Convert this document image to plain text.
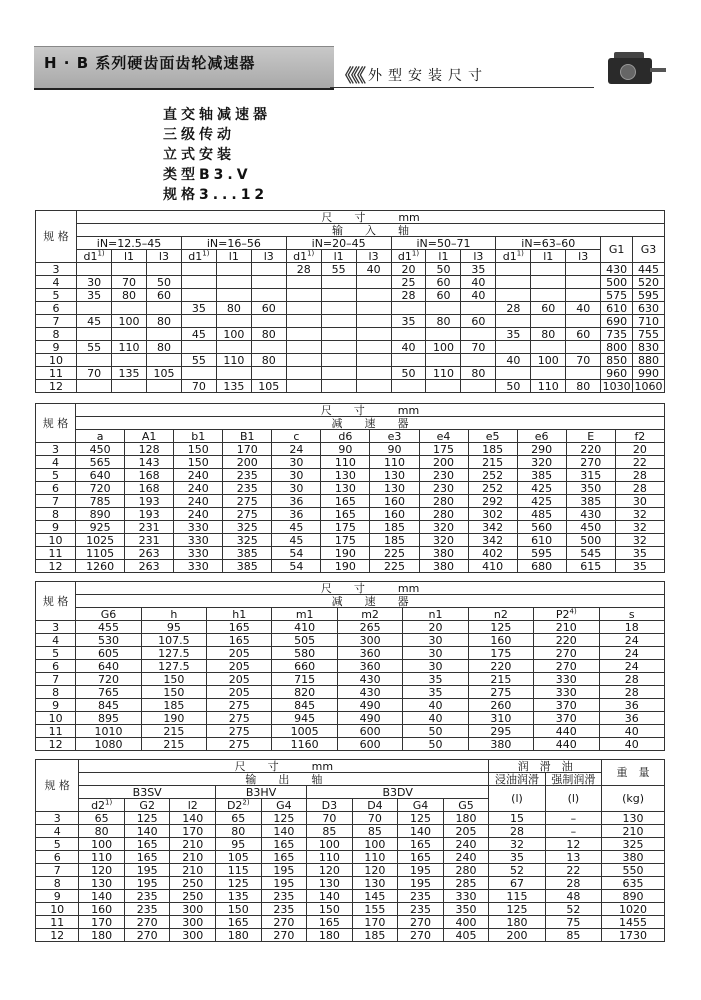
H · B 系列硬齿面齿轮减速器
《《《 外型安装尺寸
直交轴减速器
三级传动
立式安装
类型B3.V
规格3...12
规 格	尺　　寸　　　mm																
	输　　入　　轴																
	iN=12.5–45			iN=16–56			iN=20–45			iN=50–71			iN=63–60			G1	G3
	d1$^{1)}$	l1	l3	d1$^{1)}$	l1	l3	d1$^{1)}$	l1	l3	d1$^{1)}$	l1	l3	d1$^{1)}$	l1	l3		
3							28	55	40	20	50	35				430	445
4	30	70	50							25	60	40				500	520
5	35	80	60							28	60	40				575	595
6				35	80	60							28	60	40	610	630
7	45	100	80							35	80	60				690	710
8				45	100	80							35	80	60	735	755
9	55	110	80							40	100	70				800	830
10				55	110	80							40	100	70	850	880
11	70	135	105							50	110	80				960	990
12				70	135	105							50	110	80	1030	1060
规 格	尺　　寸　　　mm											
	减　　速　　器											
	a	A1	b1	B1	c	d6	e3	e4	e5	e6	E	f2
3	450	128	150	170	24	90	90	175	185	290	220	20
4	565	143	150	200	30	110	110	200	215	320	270	22
5	640	168	240	235	30	130	130	230	252	385	315	28
6	720	168	240	235	30	130	130	230	252	425	350	28
7	785	193	240	275	36	165	160	280	292	425	385	30
8	890	193	240	275	36	165	160	280	302	485	430	32
9	925	231	330	325	45	175	185	320	342	560	450	32
10	1025	231	330	325	45	175	185	320	342	610	500	32
11	1105	263	330	385	54	190	225	380	402	595	545	35
12	1260	263	330	385	54	190	225	380	410	680	615	35
规 格	尺　　寸　　　mm								
	减　　速　　器								
	G6	h	h1	m1	m2	n1	n2	P2$^{4)}$	s
3	455	95	165	410	265	20	125	210	18
4	530	107.5	165	505	300	30	160	220	24
5	605	127.5	205	580	360	30	175	270	24
6	640	127.5	205	660	360	30	220	270	24
7	720	150	205	715	430	35	215	330	28
8	765	150	205	820	430	35	275	330	28
9	845	185	275	845	490	40	260	370	36
10	895	190	275	945	490	40	310	370	36
11	1010	215	275	1005	600	50	295	440	40
12	1080	215	275	1160	600	50	380	440	40
规 格	尺　　寸　　　mm									润　滑　油		重　量
	输　　出　　轴									浸油润滑	强制润滑	
	B3SV			B3HV		B3DV				(l)	(l)	(kg)
	d2$^{1)}$	G2	l2	D2$^{2)}$	G4	D3	D4	G4	G5			
3	65	125	140	65	125	70	70	125	180	15	–	130
4	80	140	170	80	140	85	85	140	205	28	–	210
5	100	165	210	95	165	100	100	165	240	32	12	325
6	110	165	210	105	165	110	110	165	240	35	13	380
7	120	195	210	115	195	120	120	195	280	52	22	550
8	130	195	250	125	195	130	130	195	285	67	28	635
9	140	235	250	135	235	140	145	235	330	115	48	890
10	160	235	300	150	235	150	155	235	350	125	52	1020
11	170	270	300	165	270	165	170	270	400	180	75	1455
12	180	270	300	180	270	180	185	270	405	200	85	1730
